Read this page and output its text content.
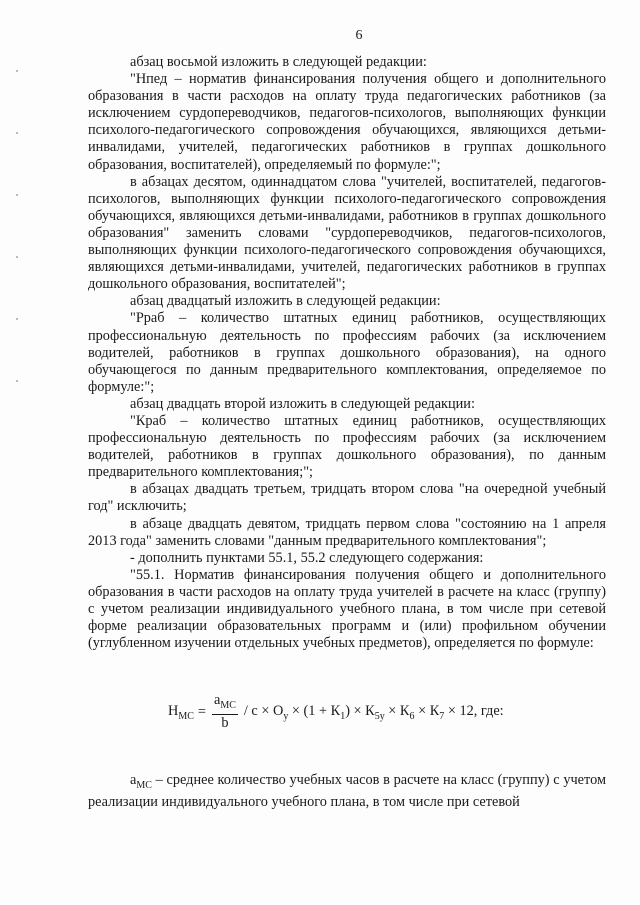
6

абзац восьмой изложить в следующей редакции:

"Нпед – норматив финансирования получения общего и дополнительного образования в части расходов на оплату труда педагогических работников (за исключением сурдопереводчиков, педагогов-психологов, выполняющих функции психолого-педагогического сопровождения обучающихся, являющихся детьми-инвалидами, учителей, педагогических работников в группах дошкольного образования, воспитателей), определяемый по формуле:";

в абзацах десятом, одиннадцатом слова "учителей, воспитателей, педагогов-психологов, выполняющих функции психолого-педагогического сопровождения обучающихся, являющихся детьми-инвалидами, работников в группах дошкольного образования" заменить словами "сурдопереводчиков, педагогов-психологов, выполняющих функции психолого-педагогического сопровождения обучающихся, являющихся детьми-инвалидами, учителей, педагогических работников в группах дошкольного образования, воспитателей";

абзац двадцатый изложить в следующей редакции:

"Рраб – количество штатных единиц работников, осуществляющих профессиональную деятельность по профессиям рабочих (за исключением водителей, работников в группах дошкольного образования), на одного обучающегося по данным предварительного комплектования, определяемое по формуле:";

абзац двадцать второй изложить в следующей редакции:

"Краб – количество штатных единиц работников, осуществляющих профессиональную деятельность по профессиям рабочих (за исключением водителей, работников в группах дошкольного образования), по данным предварительного комплектования;";

в абзацах двадцать третьем, тридцать втором слова "на очередной учебный год" исключить;

в абзаце двадцать девятом, тридцать первом слова "состоянию на 1 апреля 2013 года" заменить словами "данным предварительного комплектования";

- дополнить пунктами 55.1, 55.2 следующего содержания:

"55.1. Норматив финансирования получения общего и дополнительного образования в части расходов на оплату труда учителей в расчете на класс (группу) с учетом реализации индивидуального учебного плана, в том числе при сетевой форме реализации образовательных программ и (или) профильном обучении (углубленном изучении отдельных учебных предметов), определяется по формуле:

$Н_{МС} = \frac{а_{МС}}{b} / c \times О_у \times (1 + К_1) \times К_{5у} \times К_6 \times К_7 \times 12$, где:

$а_{МС}$ – среднее количество учебных часов в расчете на класс (группу) с учетом реализации индивидуального учебного плана, в том числе при сетевой
